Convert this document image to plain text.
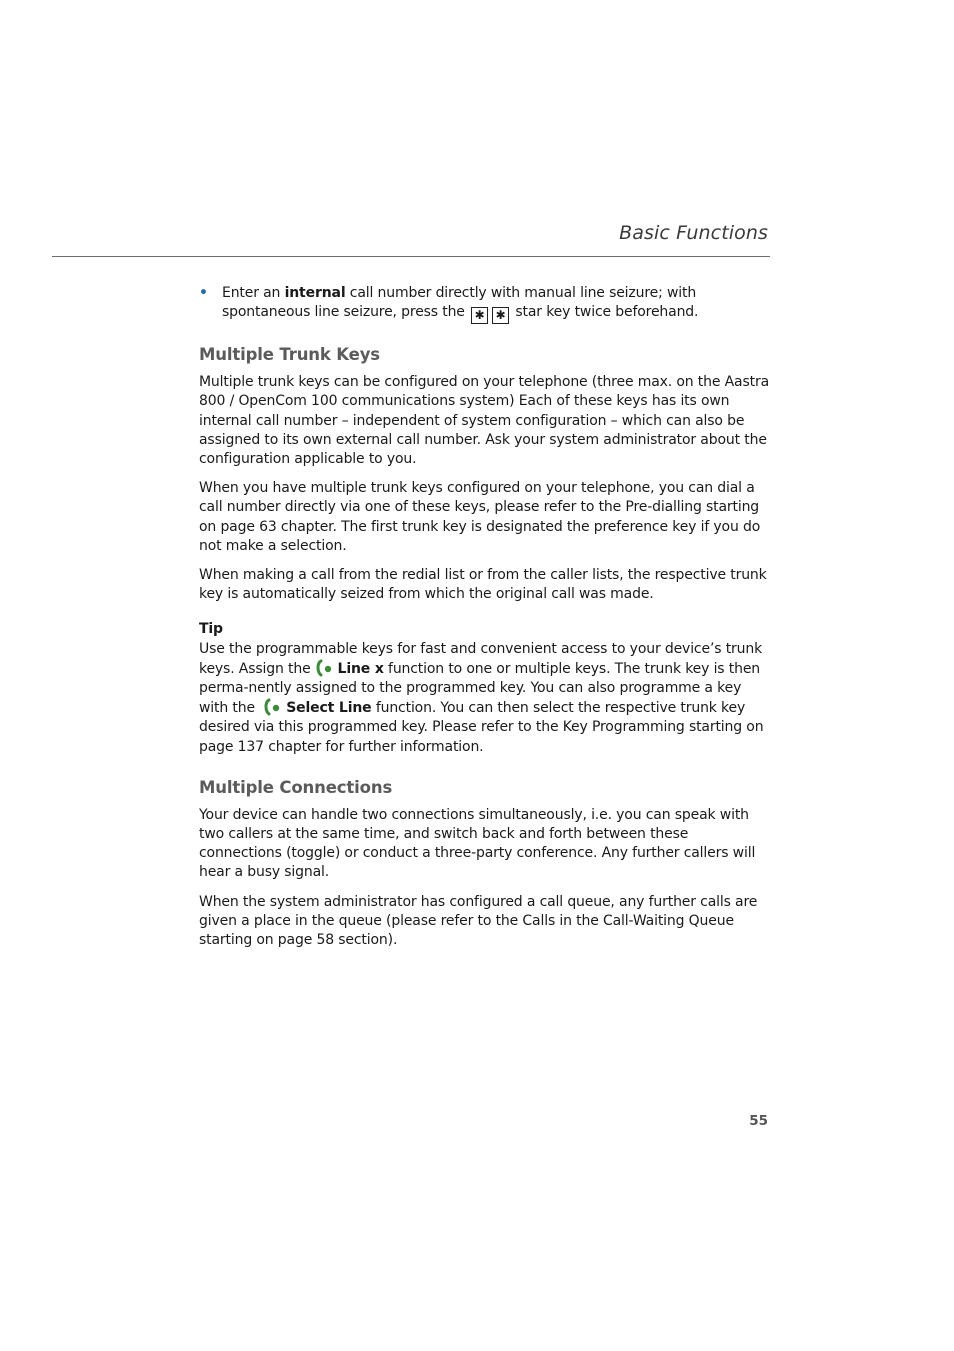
Basic Functions
• Enter an internal call number directly with manual line seizure; with spontaneous line seizure, press the ✱ ✱ star key twice beforehand.
Multiple Trunk Keys

Multiple trunk keys can be configured on your telephone (three max. on the Aastra 800 / OpenCom 100 communications system) Each of these keys has its own internal call number – independent of system configuration – which can also be assigned to its own external call number. Ask your system administrator about the configuration applicable to you.

When you have multiple trunk keys configured on your telephone, you can dial a call number directly via one of these keys, please refer to the Pre-dialling starting on page 63 chapter. The first trunk key is designated the preference key if you do not make a selection.

When making a call from the redial list or from the caller lists, the respective trunk key is automatically seized from which the original call was made.

Tip

Use the programmable keys for fast and convenient access to your device’s trunk keys. Assign the Line x function to one or multiple keys. The trunk key is then perma-nently assigned to the programmed key. You can also programme a key with the Select Line function. You can then select the respective trunk key desired via this programmed key. Please refer to the Key Programming starting on page 137 chapter for further information.

Multiple Connections

Your device can handle two connections simultaneously, i.e. you can speak with two callers at the same time, and switch back and forth between these connections (toggle) or conduct a three-party conference. Any further callers will hear a busy signal.

When the system administrator has configured a call queue, any further calls are given a place in the queue (please refer to the Calls in the Call-Waiting Queue starting on page 58 section).

55
